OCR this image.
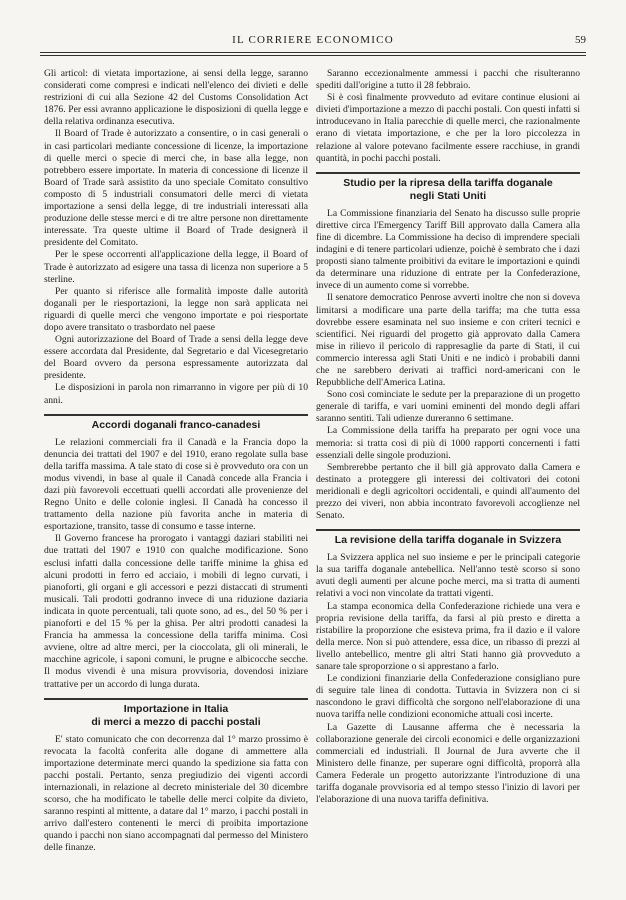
IL CORRIERE ECONOMICO	59

Gli articol: di vietata importazione, ai sensi della legge, saranno considerati come compresi e indicati nell'elenco dei divieti e delle restrizioni di cui alla Sezione 42 del Customs Consolidation Act 1876. Per essi avranno applicazione le disposizioni di quella legge e della relativa ordinanza esecutiva.

Il Board of Trade è autorizzato a consentire, o in casi generali o in casi particolari mediante concessione di licenze, la importazione di quelle merci o specie di merci che, in base alla legge, non potrebbero essere importate. In materia di concessione di licenze il Board of Trade sarà assistito da uno speciale Comitato consultivo composto di 5 industriali consumatori delle merci di vietata importazione a sensi della legge, di tre industriali interessati alla produzione delle stesse merci e di tre altre persone non direttamente interessate. Tra queste ultime il Board of Trade designerà il presidente del Comitato.

Per le spese occorrenti all'applicazione della legge, il Board of Trade è autorizzato ad esigere una tassa di licenza non superiore a 5 sterline.

Per quanto si riferisce alle formalità imposte dalle autorità doganali per le riesportazioni, la legge non sarà applicata nei riguardi di quelle merci che vengono importate e poi riesportate dopo avere transitato o trasbordato nel paese

Ogni autorizzazione del Board of Trade a sensi della legge deve essere accordata dal Presidente, dal Segretario e dal Vicesegretario del Board ovvero da persona espressamente autorizzata dal presidente.

Le disposizioni in parola non rimarranno in vigore per più di 10 anni.

Accordi doganali franco-canadesi

Le relazioni commerciali fra il Canadà e la Francia dopo la denuncia dei trattati del 1907 e del 1910, erano regolate sulla base della tariffa massima. A tale stato di cose si è provveduto ora con un modus vivendi, in base al quale il Canadà concede alla Francia i dazi più favorevoli eccettuati quelli accordati alle provenienze del Regno Unito e delle colonie inglesi. Il Canadà ha concesso il trattamento della nazione più favorita anche in materia di esportazione, transito, tasse di consumo e tasse interne.

Il Governo francese ha prorogato i vantaggi daziari stabiliti nei due trattati del 1907 e 1910 con qualche modificazione. Sono esclusi infatti dalla concessione delle tariffe minime la ghisa ed alcuni prodotti in ferro ed acciaio, i mobili di legno curvati, i pianoforti, gli organi e gli accessori e pezzi distaccati di strumenti musicali. Tali prodotti godranno invece di una riduzione daziaria indicata in quote percentuali, tali quote sono, ad es., del 50 % per i pianoforti e del 15 % per la ghisa. Per altri prodotti canadesi la Francia ha ammessa la concessione della tariffa minima. Così avviene, oltre ad altre merci, per la cioccolata, gli oli minerali, le macchine agricole, i saponi comuni, le prugne e albicocche secche. Il modus vivendi è una misura provvisoria, dovendosi iniziare trattative per un accordo di lunga durata.

Importazione in Italia
di merci a mezzo di pacchi postali

E' stato comunicato che con decorrenza dal 1° marzo prossimo è revocata la facoltà conferita alle dogane di ammettere alla importazione determinate merci quando la spedizione sia fatta con pacchi postali. Pertanto, senza pregiudizio dei vigenti accordi internazionali, in relazione al decreto ministeriale del 30 dicembre scorso, che ha modificato le tabelle delle merci colpite da divieto, saranno respinti al mittente, a datare dal 1° marzo, i pacchi postali in arrivo dall'estero contenenti le merci di proibita importazione quando i pacchi non siano accompagnati dal permesso del Ministero delle finanze.

Saranno eccezionalmente ammessi i pacchi che risulteranno spediti dall'origine a tutto il 28 febbraio.

Si è così finalmente provveduto ad evitare continue elusioni ai divieti d'importazione a mezzo di pacchi postali. Con questi infatti si introducevano in Italia parecchie di quelle merci, che razionalmente erano di vietata importazione, e che per la loro piccolezza in relazione al valore potevano facilmente essere racchiuse, in grandi quantità, in pochi pacchi postali.

Studio per la ripresa della tariffa doganale
negli Stati Uniti

La Commissione finanziaria del Senato ha discusso sulle proprie direttive circa l'Emergency Tariff Bill approvato dalla Camera alla fine di dicembre. La Commissione ha deciso di imprendere speciali indagini e di tenere particolari udienze, poichè è sembrato che i dazi proposti siano talmente proibitivi da evitare le importazioni e quindi da determinare una riduzione di entrate per la Confederazione, invece di un aumento come si vorrebbe.

Il senatore democratico Penrose avvertì inoltre che non si doveva limitarsi a modificare una parte della tariffa; ma che tutta essa dovrebbe essere esaminata nel suo insieme e con criteri tecnici e scientifici. Nei riguardi del progetto già approvato dalla Camera mise in rilievo il pericolo di rappresaglie da parte di Stati, il cui commercio interessa agli Stati Uniti e ne indicò i probabili danni che ne sarebbero derivati ai traffici nord-americani con le Repubbliche dell'America Latina.

Sono così cominciate le sedute per la preparazione di un progetto generale di tariffa, e vari uomini eminenti del mondo degli affari saranno sentiti. Tali udienze dureranno 6 settimane.

La Commissione della tariffa ha preparato per ogni voce una memoria: si tratta così di più di 1000 rapporti concernenti i fatti essenziali delle singole produzioni.

Sembrerebbe pertanto che il bill già approvato dalla Camera e destinato a proteggere gli interessi dei coltivatori dei cotoni meridionali e degli agricoltori occidentali, e quindi all'aumento del prezzo dei viveri, non abbia incontrato favorevoli accoglienze nel Senato.

La revisione della tariffa doganale in Svizzera

La Svizzera applica nel suo insieme e per le principali categorie la sua tariffa doganale antebellica. Nell'anno testè scorso si sono avuti degli aumenti per alcune poche merci, ma si tratta di aumenti relativi a voci non vincolate da trattati vigenti.

La stampa economica della Confederazione richiede una vera e propria revisione della tariffa, da farsi al più presto e diretta a ristabilire la proporzione che esisteva prima, fra il dazio e il valore della merce. Non si può attendere, essa dice, un ribasso di prezzi al livello antebellico, mentre gli altri Stati hanno già provveduto a sanare tale sproporzione o si apprestano a farlo.

Le condizioni finanziarie della Confederazione consigliano pure di seguire tale linea di condotta. Tuttavia in Svizzera non ci si nascondono le gravi difficoltà che sorgono nell'elaborazione di una nuova tariffa nelle condizioni economiche attuali così incerte.

La Gazette di Lausanne afferma che è necessaria la collaborazione generale dei circoli economici e delle organizzazioni commerciali ed industriali. Il Journal de Jura avverte che il Ministero delle finanze, per superare ogni difficoltà, proporrà alla Camera Federale un progetto autorizzante l'introduzione di una tariffa doganale provvisoria ed al tempo stesso l'inizio di lavori per l'elaborazione di una nuova tariffa definitiva.
